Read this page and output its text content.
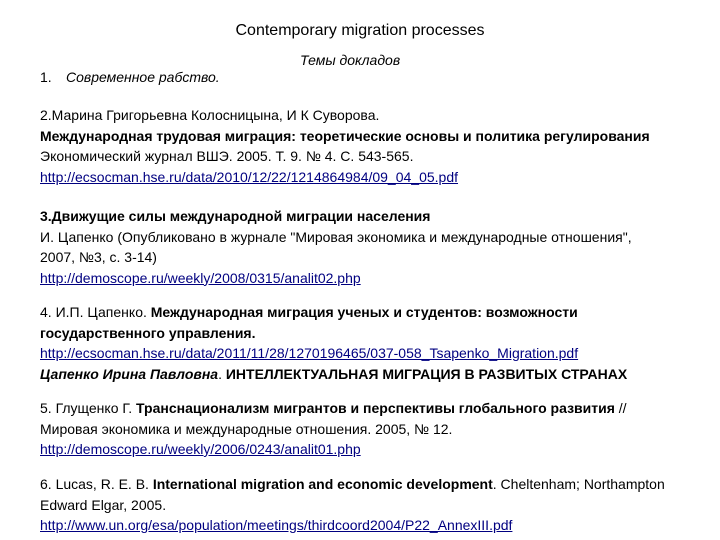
Contemporary migration processes
Темы докладов
1. Современное рабство.
2.Марина Григорьевна Колосницына, И К Суворова.
Международная трудовая миграция: теоретические основы и политика регулирования
Экономический журнал ВШЭ. 2005. Т. 9. № 4. С. 543-565.
http://ecsocman.hse.ru/data/2010/12/22/1214864984/09_04_05.pdf
3.Движущие силы международной миграции населения
И. Цапенко (Опубликовано в журнале "Мировая экономика и международные отношения",
2007, №3, с. 3-14)
http://demoscope.ru/weekly/2008/0315/analit02.php
4. И.П. Цапенко. Международная миграция ученых и студентов: возможности
государственного управления.
http://ecsocman.hse.ru/data/2011/11/28/1270196465/037-058_Tsapenko_Migration.pdf
Цапенко Ирина Павловна. ИНТЕЛЛЕКТУАЛЬНАЯ МИГРАЦИЯ В РАЗВИТЫХ СТРАНАХ
5. Глущенко Г. Транснационализм мигрантов и перспективы глобального развития //
Мировая экономика и международные отношения. 2005, № 12.
http://demoscope.ru/weekly/2006/0243/analit01.php
6. Lucas, R. E. B. International migration and economic development. Cheltenham; Northampton
Edward Elgar, 2005.
http://www.un.org/esa/population/meetings/thirdcoord2004/P22_AnnexIII.pdf
